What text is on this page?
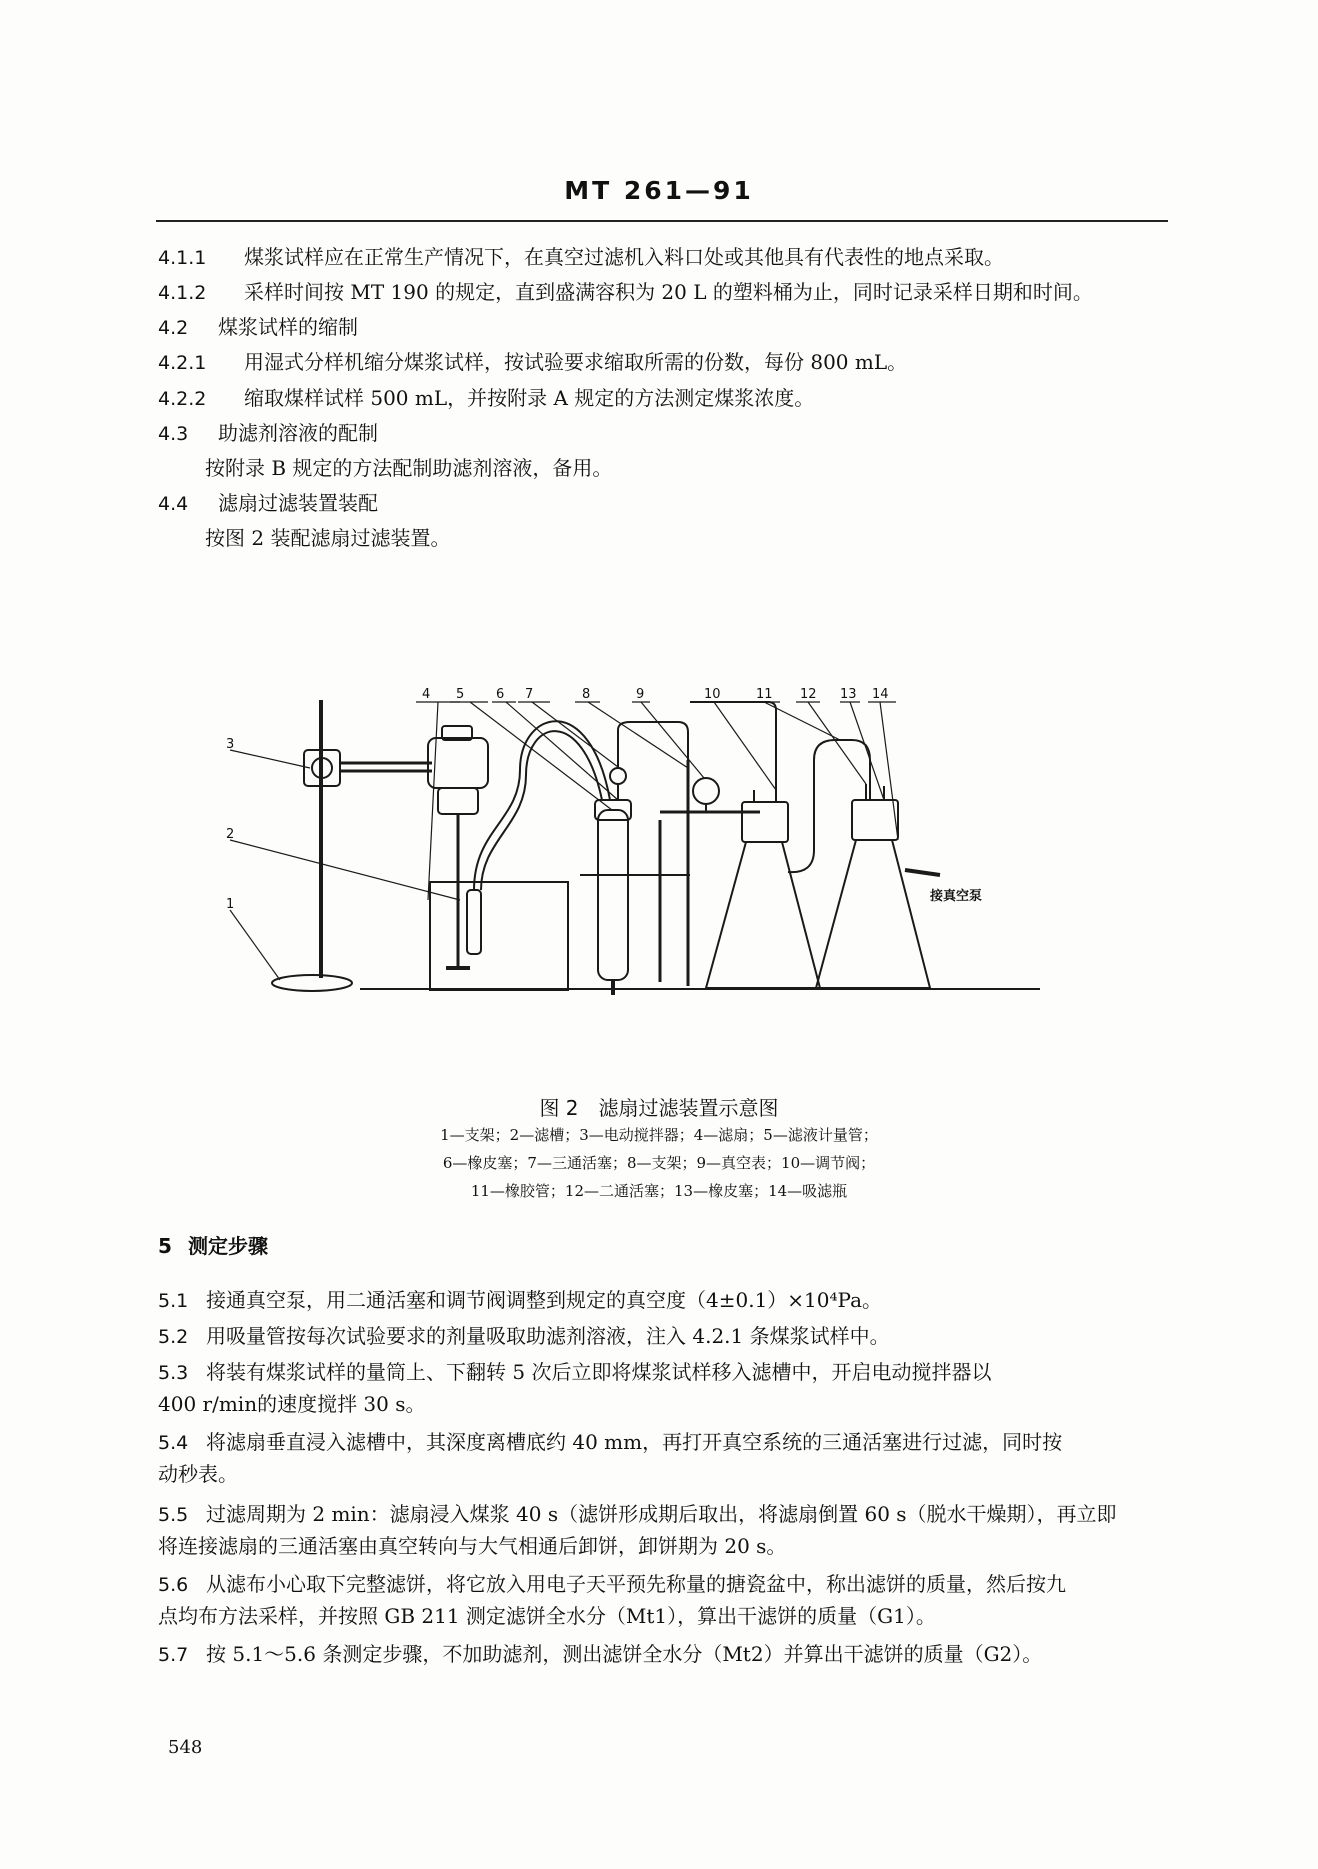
MT 261—91
4.1.1 煤浆试样应在正常生产情况下，在真空过滤机入料口处或其他具有代表性的地点采取。
4.1.2 采样时间按 MT 190 的规定，直到盛满容积为 20 L 的塑料桶为止，同时记录采样日期和时间。
4.2 煤浆试样的缩制
4.2.1 用湿式分样机缩分煤浆试样，按试验要求缩取所需的份数，每份 800 mL。
4.2.2 缩取煤样试样 500 mL，并按附录 A 规定的方法测定煤浆浓度。
4.3 助滤剂溶液的配制
按附录 B 规定的方法配制助滤剂溶液，备用。
4.4 滤扇过滤装置装配
按图 2 装配滤扇过滤装置。
3
2
1
4 5 6 7	8	9	10	11 12 13 14
接真空泵
图 2　滤扇过滤装置示意图
1—支架；2—滤槽；3—电动搅拌器；4—滤扇；5—滤液计量管；
6—橡皮塞；7—三通活塞；8—支架；9—真空表；10—调节阀；
11—橡胶管；12—二通活塞；13—橡皮塞；14—吸滤瓶
5 测定步骤
5.1 接通真空泵，用二通活塞和调节阀调整到规定的真空度（4±0.1）×10⁴Pa。
5.2 用吸量管按每次试验要求的剂量吸取助滤剂溶液，注入 4.2.1 条煤浆试样中。
5.3 将装有煤浆试样的量筒上、下翻转 5 次后立即将煤浆试样移入滤槽中，开启电动搅拌器以
400 r/min的速度搅拌 30 s。
5.4 将滤扇垂直浸入滤槽中，其深度离槽底约 40 mm，再打开真空系统的三通活塞进行过滤，同时按
动秒表。
5.5 过滤周期为 2 min：滤扇浸入煤浆 40 s（滤饼形成期后取出，将滤扇倒置 60 s（脱水干燥期），再立即
将连接滤扇的三通活塞由真空转向与大气相通后卸饼，卸饼期为 20 s。
5.6 从滤布小心取下完整滤饼，将它放入用电子天平预先称量的搪瓷盆中，称出滤饼的质量，然后按九
点均布方法采样，并按照 GB 211 测定滤饼全水分（Mt1），算出干滤饼的质量（G1）。
5.7 按 5.1～5.6 条测定步骤，不加助滤剂，测出滤饼全水分（Mt2）并算出干滤饼的质量（G2）。
548
